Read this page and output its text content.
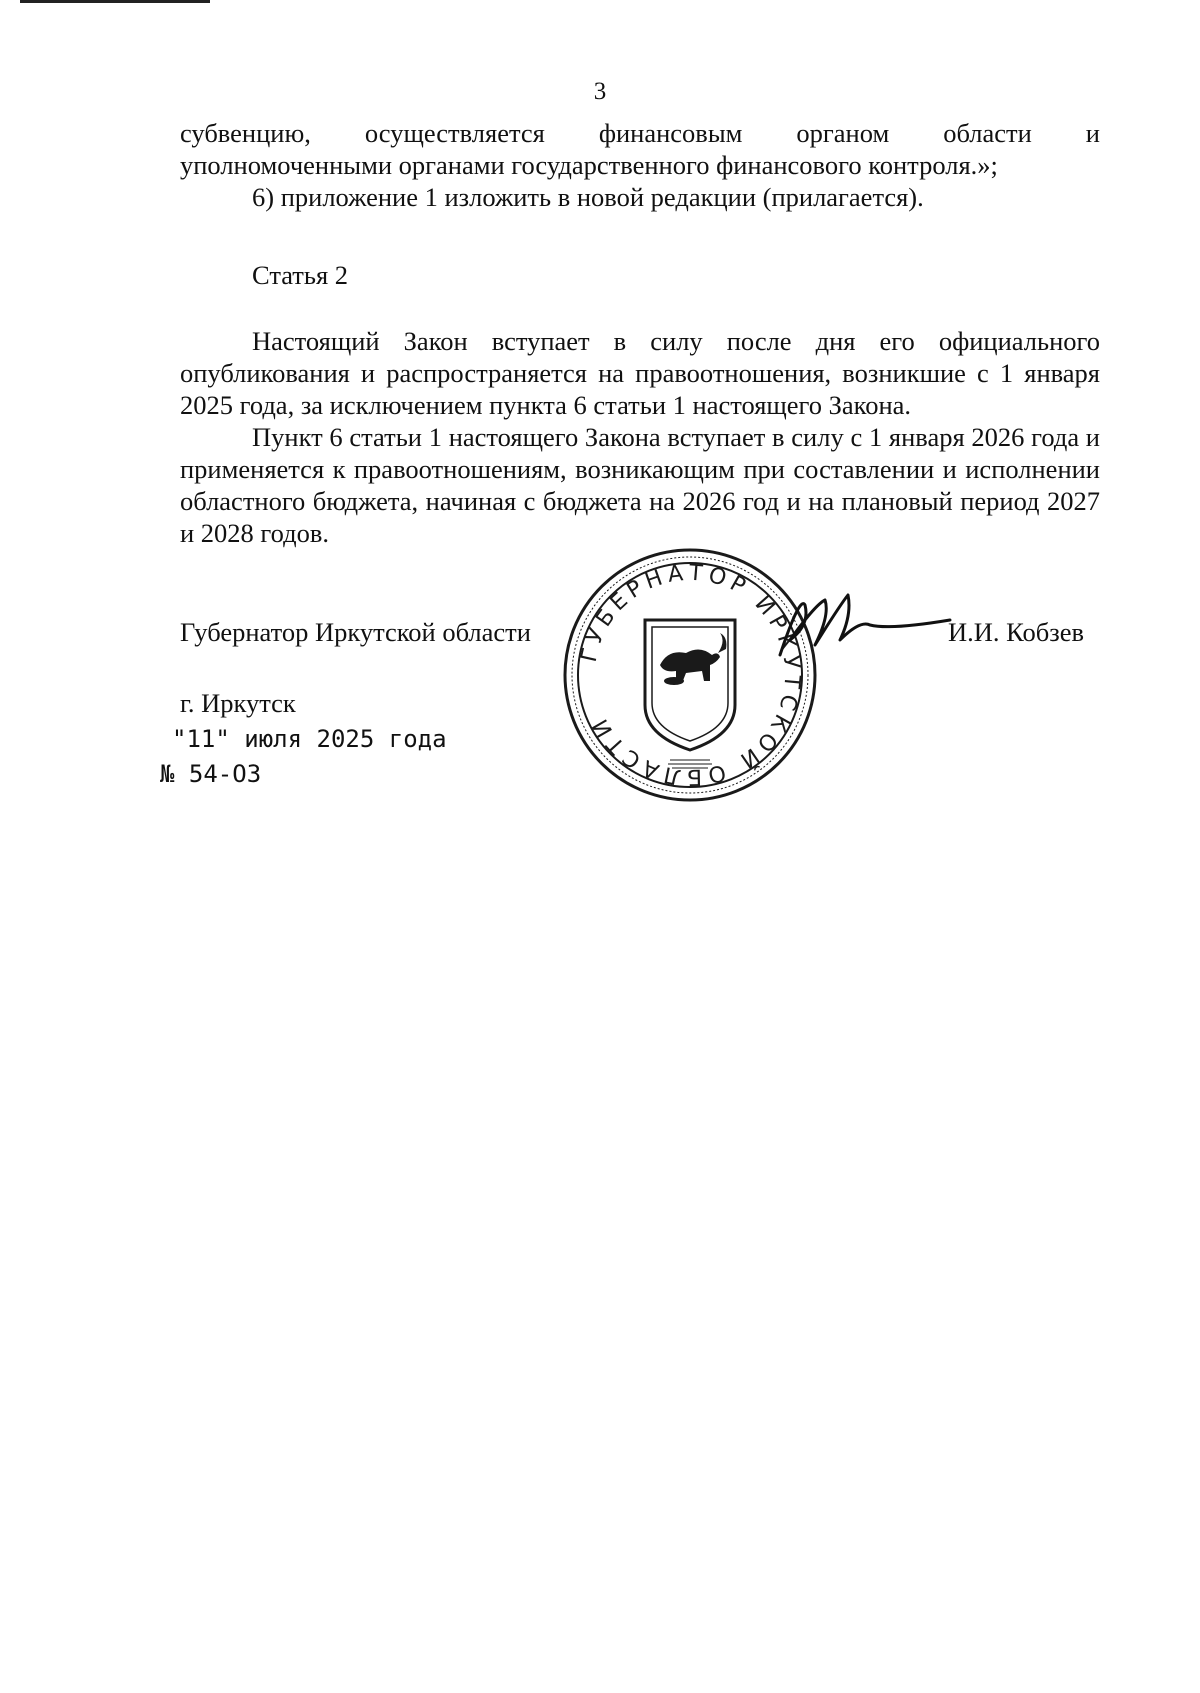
3

субвенцию, осуществляется финансовым органом области и

уполномоченными органами государственного финансового контроля.»;

6) приложение 1 изложить в новой редакции (прилагается).

Статья 2

Настоящий Закон вступает в силу после дня его официального опубликования и распространяется на правоотношения, возникшие с 1 января 2025 года, за исключением пункта 6 статьи 1 настоящего Закона.

Пункт 6 статьи 1 настоящего Закона вступает в силу с 1 января 2026 года и применяется к правоотношениям, возникающим при составлении и исполнении областного бюджета, начиная с бюджета на 2026 год и на плановый период 2027 и 2028 годов.

Губернатор Иркутской области	И.И. Кобзев
г. Иркутск
"11" июля 2025 года
№ 54-ОЗ
ГУБЕРНАТОР ИРКУТСКОЙ ОБЛАСТИ
